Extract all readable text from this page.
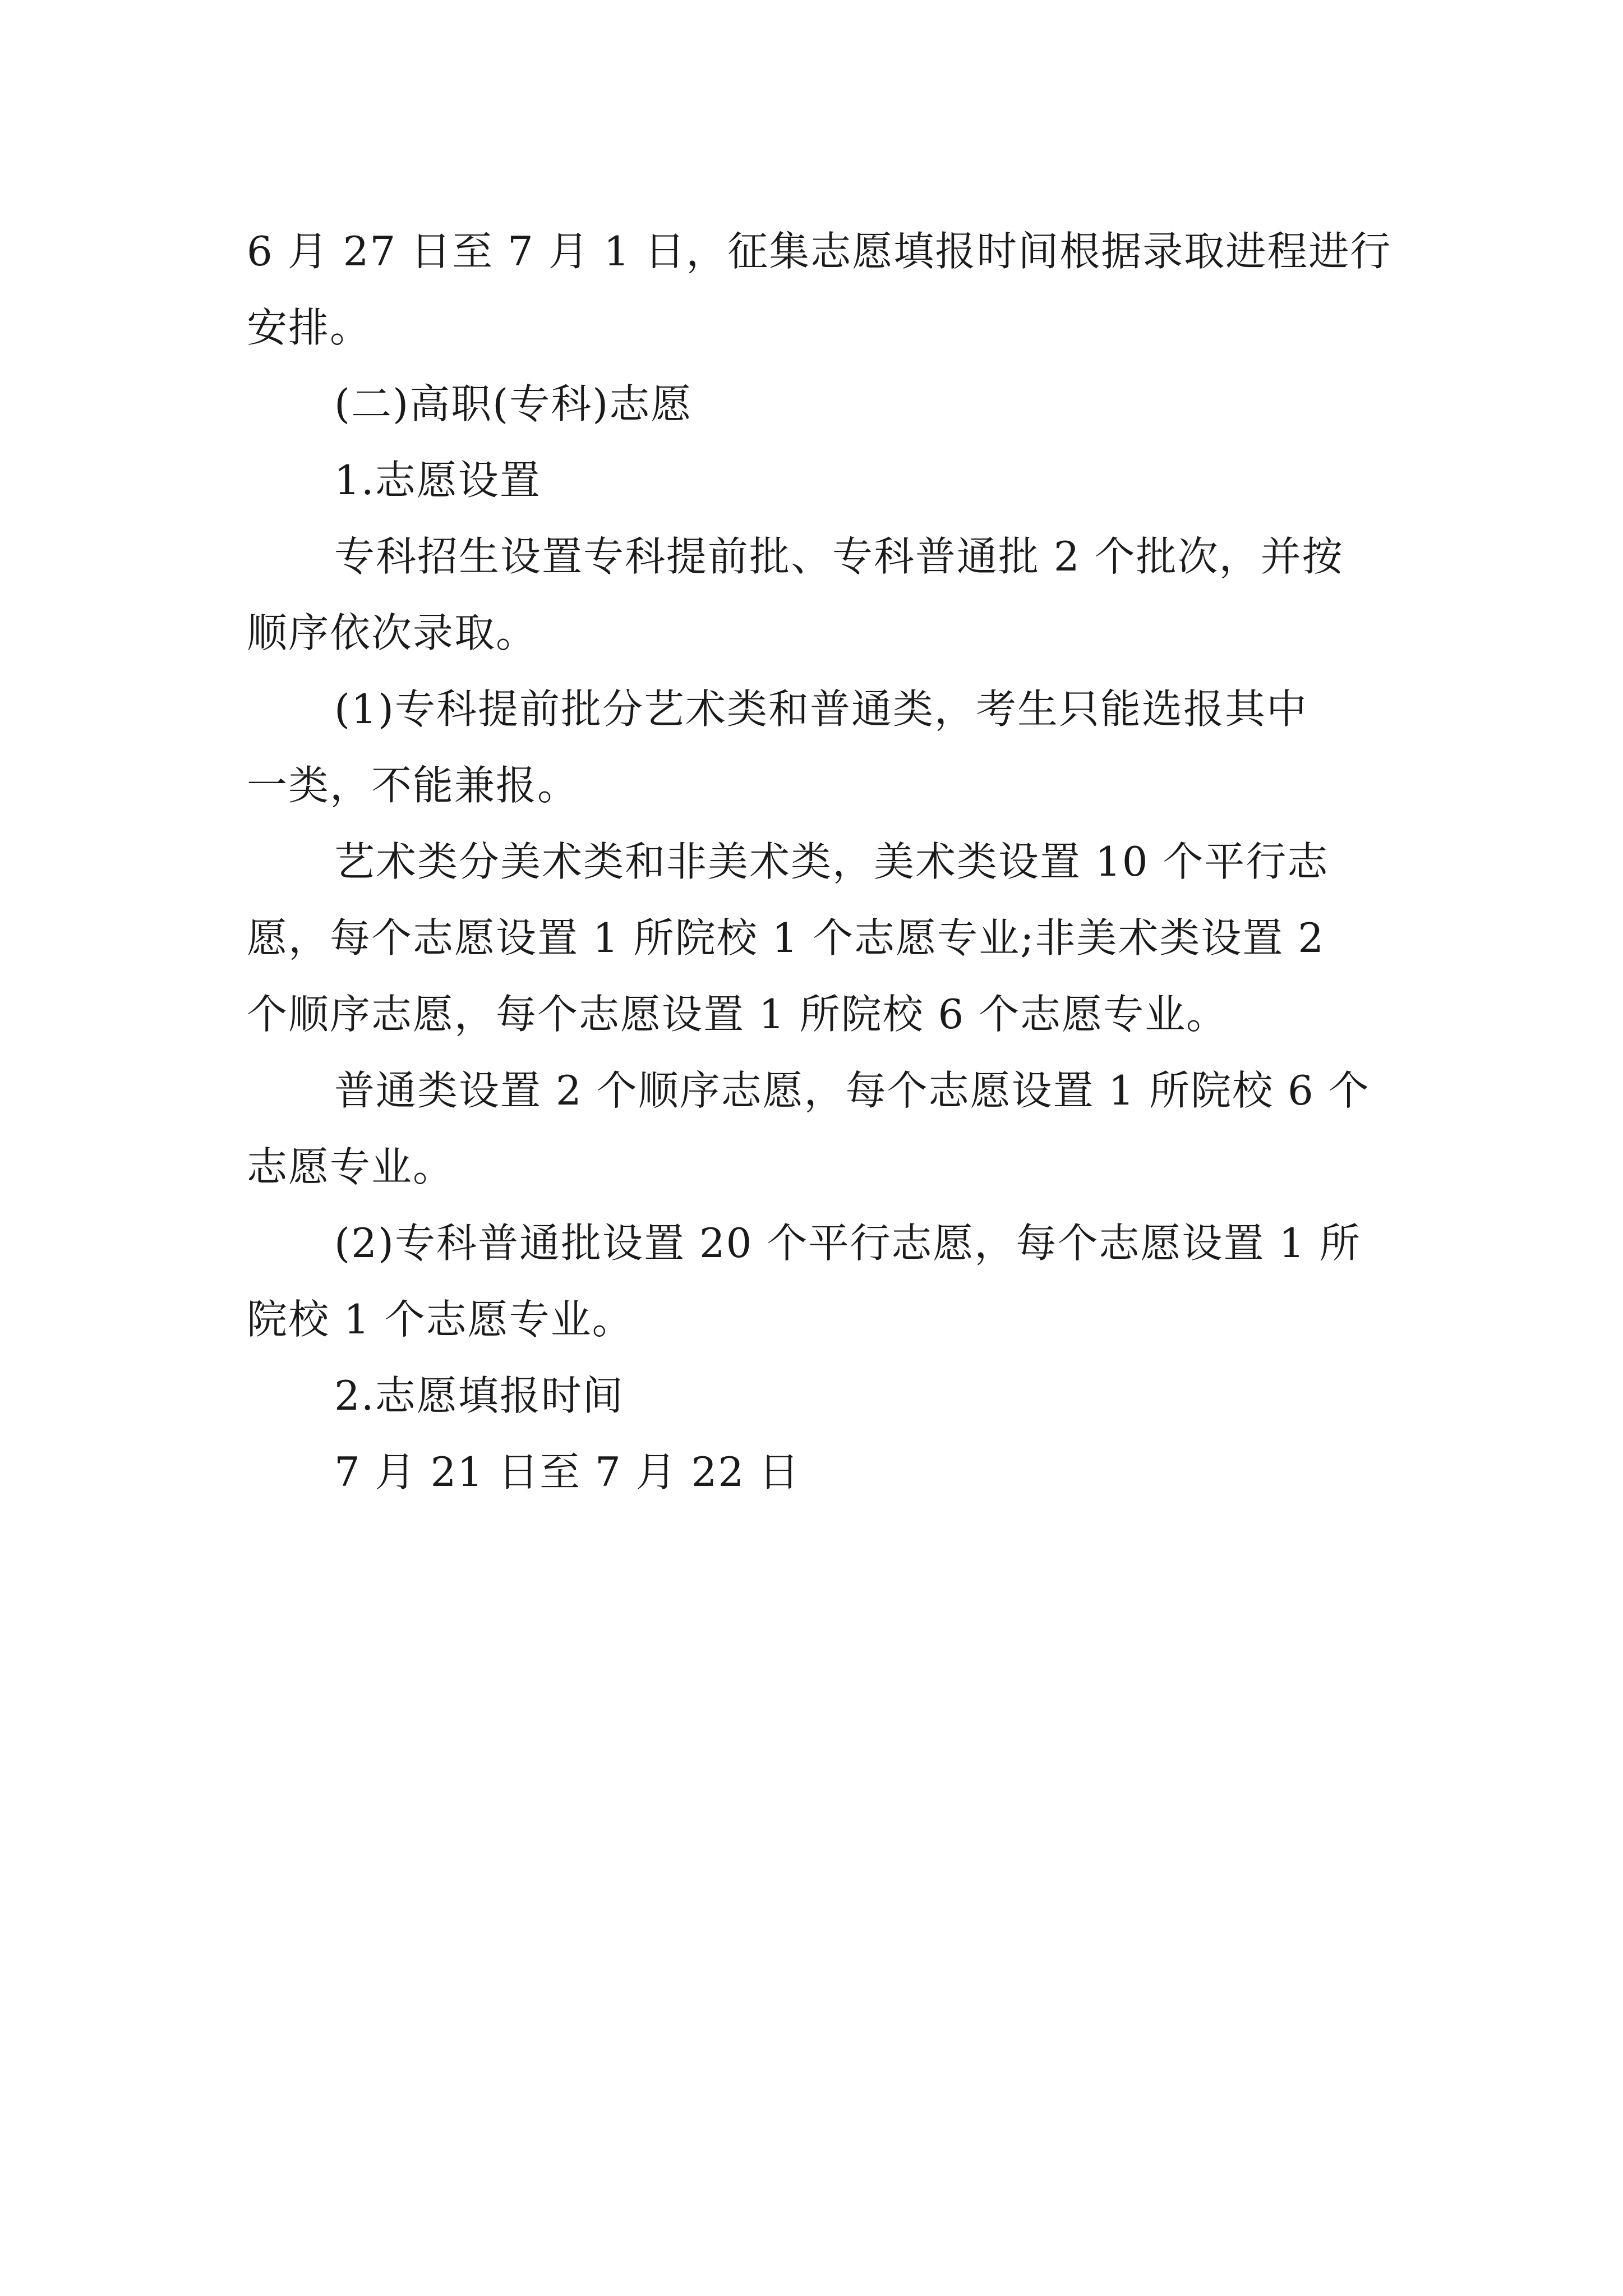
6 月 27 日至 7 月 1 日，征集志愿填报时间根据录取进程进行
安排。
(二)高职(专科)志愿
1.志愿设置
专科招生设置专科提前批、专科普通批 2 个批次，并按
顺序依次录取。
(1)专科提前批分艺术类和普通类，考生只能选报其中
一类，不能兼报。
艺术类分美术类和非美术类，美术类设置 10 个平行志
愿，每个志愿设置 1 所院校 1 个志愿专业;非美术类设置 2
个顺序志愿，每个志愿设置 1 所院校 6 个志愿专业。
普通类设置 2 个顺序志愿，每个志愿设置 1 所院校 6 个
志愿专业。
(2)专科普通批设置 20 个平行志愿，每个志愿设置 1 所
院校 1 个志愿专业。
2.志愿填报时间
7 月 21 日至 7 月 22 日
